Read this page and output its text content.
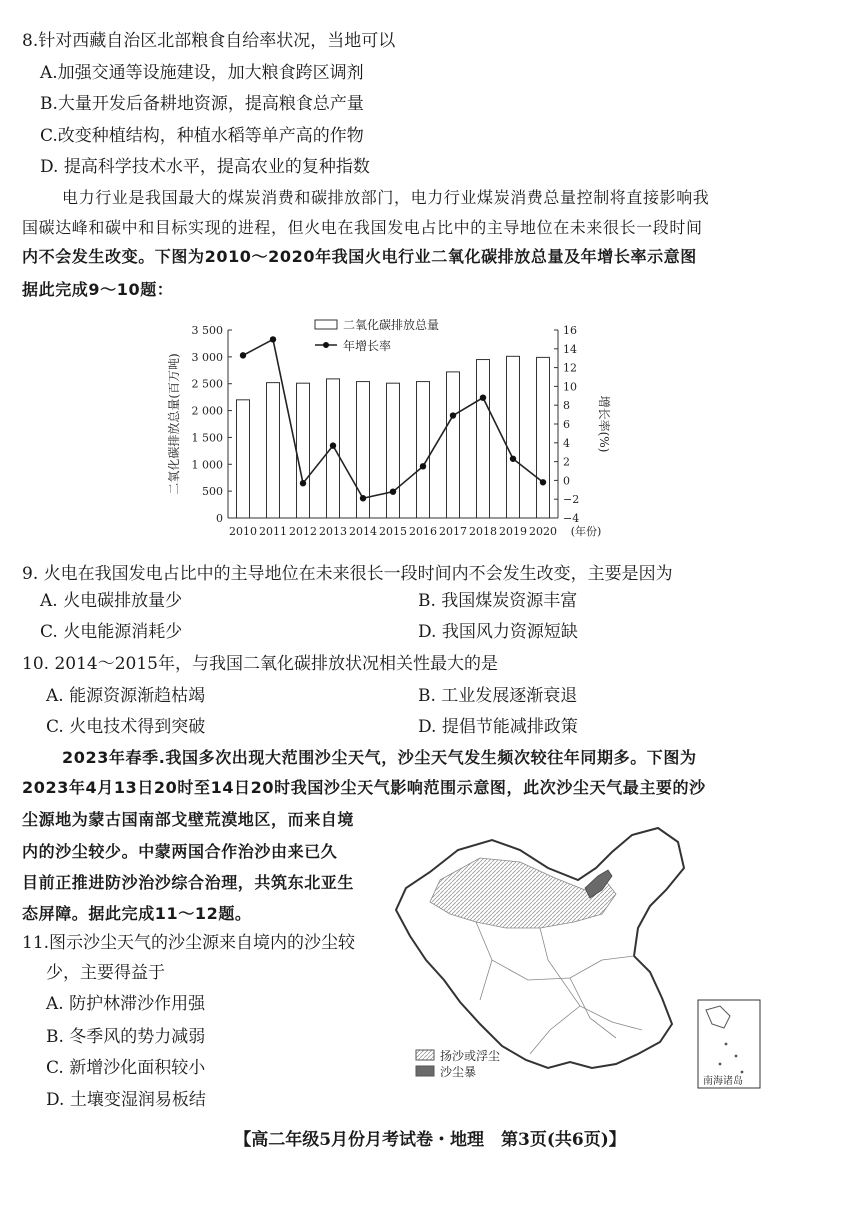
8.针对西藏自治区北部粮食自给率状况，当地可以
A.加强交通等设施建设，加大粮食跨区调剂
B.大量开发后备耕地资源，提高粮食总产量
C.改变种植结构，种植水稻等单产高的作物
D. 提高科学技术水平，提高农业的复种指数
电力行业是我国最大的煤炭消费和碳排放部门，电力行业煤炭消费总量控制将直接影响我
国碳达峰和碳中和目标实现的进程，但火电在我国发电占比中的主导地位在未来很长一段时间
内不会发生改变。下图为2010～2020年我国火电行业二氧化碳排放总量及年增长率示意图
据此完成9～10题：
0
500
1 000
1 500
2 000
2 500
3 000
3 500
−4
−2
0
2
4
6
8
10
12
14
16
2010 2011 2012 2013 2014 2015 2016 2017 2018 2019 2020 (年份)
二氧化碳排放总量(百万吨)	增长率(%)
二氧化碳排放总量
年增长率
9. 火电在我国发电占比中的主导地位在未来很长一段时间内不会发生改变，主要是因为
A. 火电碳排放量少	B. 我国煤炭资源丰富
C. 火电能源消耗少	D. 我国风力资源短缺
10. 2014～2015年，与我国二氧化碳排放状况相关性最大的是
A. 能源资源渐趋枯竭	B. 工业发展逐渐衰退
C. 火电技术得到突破	D. 提倡节能减排政策
2023年春季.我国多次出现大范围沙尘天气，沙尘天气发生频次较往年同期多。下图为
2023年4月13日20时至14日20时我国沙尘天气影响范围示意图，此次沙尘天气最主要的沙
尘源地为蒙古国南部戈壁荒漠地区，而来自境
内的沙尘较少。中蒙两国合作治沙由来已久
目前正推进防沙治沙综合治理，共筑东北亚生
态屏障。据此完成11～12题。
11.图示沙尘天气的沙尘源来自境内的沙尘较
少，主要得益于
A. 防护林滞沙作用强
B. 冬季风的势力减弱
C. 新增沙化面积较小
D. 土壤变湿润易板结
南海诸岛
扬沙或浮尘
沙尘暴
【高二年级5月份月考试卷・地理　第3页(共6页)】
